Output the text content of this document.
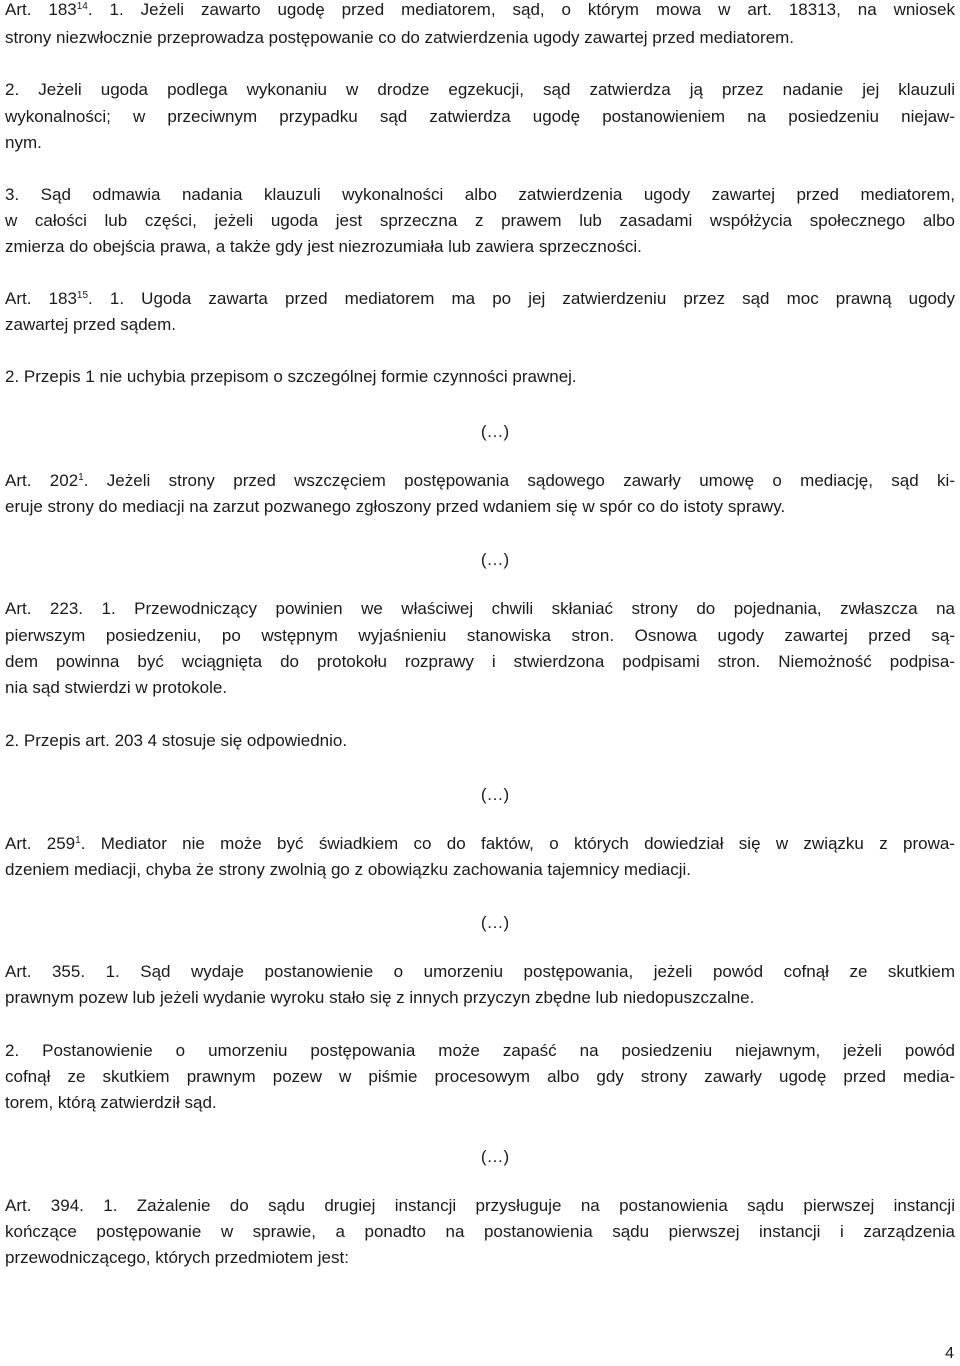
Art. $183^{14}$. 1. Jeżeli zawarto ugodę przed mediatorem, sąd, o którym mowa w art. 18313, na wniosek
strony niezwłocznie przeprowadza postępowanie co do zatwierdzenia ugody zawartej przed mediatorem.
2. Jeżeli ugoda podlega wykonaniu w drodze egzekucji, sąd zatwierdza ją przez nadanie jej klauzuli
wykonalności; w przeciwnym przypadku sąd zatwierdza ugodę postanowieniem na posiedzeniu niejaw-
nym.
3. Sąd odmawia nadania klauzuli wykonalności albo zatwierdzenia ugody zawartej przed mediatorem,
w całości lub części, jeżeli ugoda jest sprzeczna z prawem lub zasadami współżycia społecznego albo
zmierza do obejścia prawa, a także gdy jest niezrozumiała lub zawiera sprzeczności.
Art. $183^{15}$. 1. Ugoda zawarta przed mediatorem ma po jej zatwierdzeniu przez sąd moc prawną ugody
zawartej przed sądem.
2. Przepis 1 nie uchybia przepisom o szczególnej formie czynności prawnej.
(…)
Art. $202^1$. Jeżeli strony przed wszczęciem postępowania sądowego zawarły umowę o mediację, sąd ki-
eruje strony do mediacji na zarzut pozwanego zgłoszony przed wdaniem się w spór co do istoty sprawy.
(…)
Art. 223. 1. Przewodniczący powinien we właściwej chwili skłaniać strony do pojednania, zwłaszcza na
pierwszym posiedzeniu, po wstępnym wyjaśnieniu stanowiska stron. Osnowa ugody zawartej przed są-
dem powinna być wciągnięta do protokołu rozprawy i stwierdzona podpisami stron. Niemożność podpisa-
nia sąd stwierdzi w protokole.
2. Przepis art. 203 4 stosuje się odpowiednio.
(…)
Art. $259^1$. Mediator nie może być świadkiem co do faktów, o których dowiedział się w związku z prowa-
dzeniem mediacji, chyba że strony zwolnią go z obowiązku zachowania tajemnicy mediacji.
(…)
Art. 355. 1. Sąd wydaje postanowienie o umorzeniu postępowania, jeżeli powód cofnął ze skutkiem
prawnym pozew lub jeżeli wydanie wyroku stało się z innych przyczyn zbędne lub niedopuszczalne.
2. Postanowienie o umorzeniu postępowania może zapaść na posiedzeniu niejawnym, jeżeli powód
cofnął ze skutkiem prawnym pozew w piśmie procesowym albo gdy strony zawarły ugodę przed media-
torem, którą zatwierdził sąd.
(…)
Art. 394. 1. Zażalenie do sądu drugiej instancji przysługuje na postanowienia sądu pierwszej instancji
kończące postępowanie w sprawie, a ponadto na postanowienia sądu pierwszej instancji i zarządzenia
przewodniczącego, których przedmiotem jest:
4
